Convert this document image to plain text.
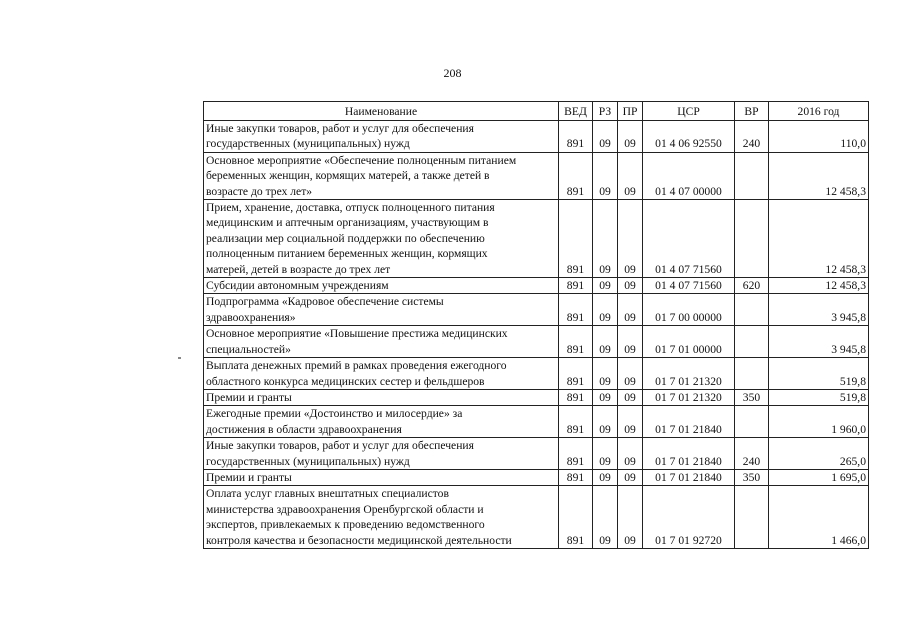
208
Наименование	ВЕД	РЗ	ПР	ЦСР	ВР	2016 год
Иные закупки товаров, работ и услуг для обеспечения
государственных (муниципальных) нужд	891	09	09	01 4 06 92550	240	110,0
Основное мероприятие «Обеспечение полноценным питанием
беременных женщин, кормящих матерей, а также детей в
возрасте до трех лет»	891	09	09	01 4 07 00000		12 458,3
Прием, хранение, доставка, отпуск полноценного питания
медицинским и аптечным организациям, участвующим в
реализации мер социальной поддержки по обеспечению
полноценным питанием беременных женщин, кормящих
матерей, детей в возрасте до трех лет	891	09	09	01 4 07 71560		12 458,3
Субсидии автономным учреждениям	891	09	09	01 4 07 71560	620	12 458,3
Подпрограмма «Кадровое обеспечение системы
здравоохранения»	891	09	09	01 7 00 00000		3 945,8
Основное мероприятие «Повышение престижа медицинских
специальностей»	891	09	09	01 7 01 00000		3 945,8
Выплата денежных премий в рамках проведения ежегодного
областного конкурса медицинских сестер и фельдшеров	891	09	09	01 7 01 21320		519,8
Премии и гранты	891	09	09	01 7 01 21320	350	519,8
Ежегодные премии «Достоинство и милосердие» за
достижения в области здравоохранения	891	09	09	01 7 01 21840		1 960,0
Иные закупки товаров, работ и услуг для обеспечения
государственных (муниципальных) нужд	891	09	09	01 7 01 21840	240	265,0
Премии и гранты	891	09	09	01 7 01 21840	350	1 695,0
Оплата услуг главных внештатных специалистов
министерства здравоохранения Оренбургской области и
экспертов, привлекаемых к проведению ведомственного
контроля качества и безопасности медицинской деятельности	891	09	09	01 7 01 92720		1 466,0
